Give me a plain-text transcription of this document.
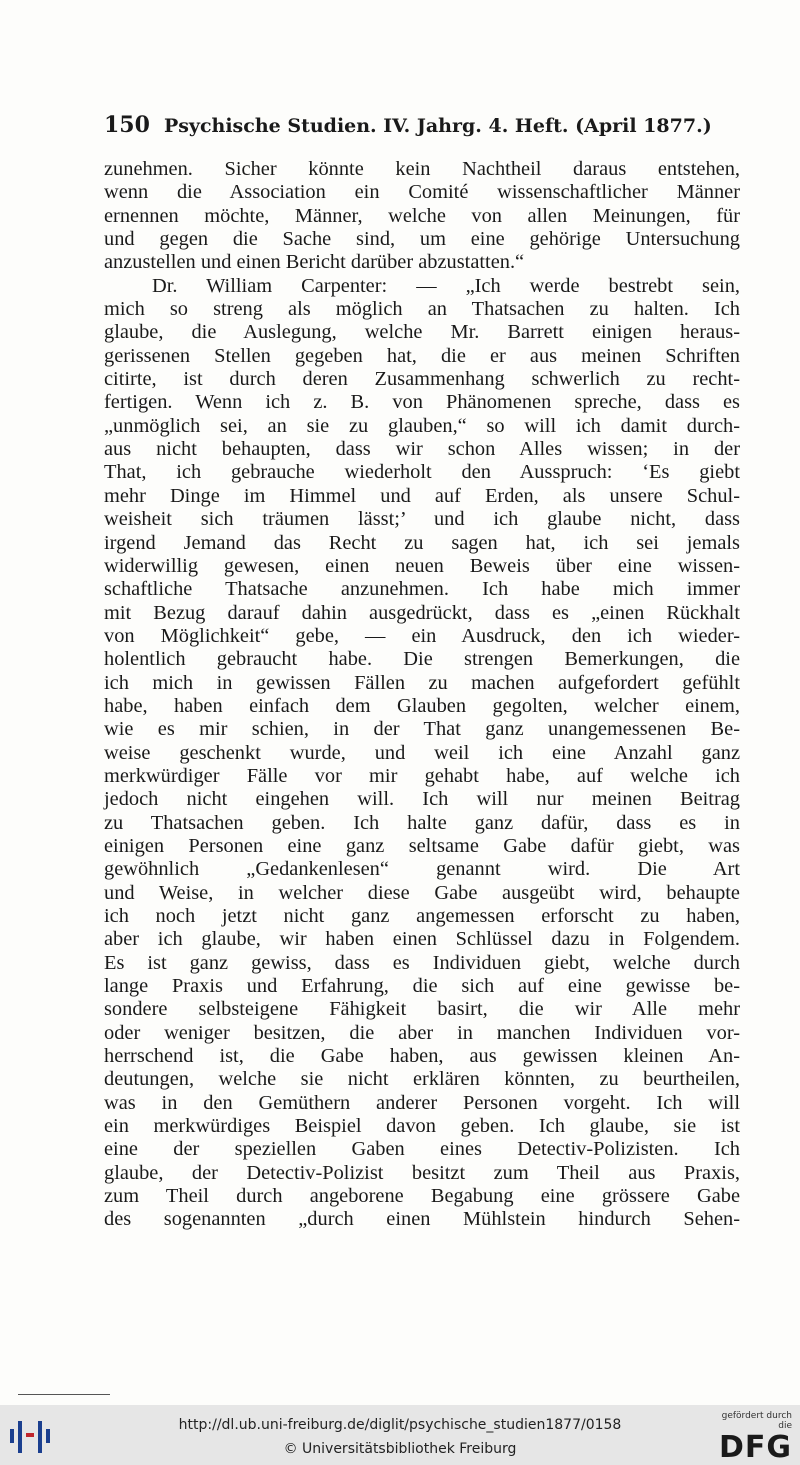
150 Psychische Studien. IV. Jahrg. 4. Heft. (April 1877.)
zunehmen. Sicher könnte kein Nachtheil daraus entstehen,
wenn die Association ein Comité wissenschaftlicher Männer
ernennen möchte, Männer, welche von allen Meinungen, für
und gegen die Sache sind, um eine gehörige Untersuchung
anzustellen und einen Bericht darüber abzustatten.“
Dr. William Carpenter: — „Ich werde bestrebt sein,
mich so streng als möglich an Thatsachen zu halten. Ich
glaube, die Auslegung, welche Mr. Barrett einigen heraus-
gerissenen Stellen gegeben hat, die er aus meinen Schriften
citirte, ist durch deren Zusammenhang schwerlich zu recht-
fertigen. Wenn ich z. B. von Phänomenen spreche, dass es
„unmöglich sei, an sie zu glauben,“ so will ich damit durch-
aus nicht behaupten, dass wir schon Alles wissen; in der
That, ich gebrauche wiederholt den Ausspruch: ‘Es giebt
mehr Dinge im Himmel und auf Erden, als unsere Schul-
weisheit sich träumen lässt;’ und ich glaube nicht, dass
irgend Jemand das Recht zu sagen hat, ich sei jemals
widerwillig gewesen, einen neuen Beweis über eine wissen-
schaftliche Thatsache anzunehmen. Ich habe mich immer
mit Bezug darauf dahin ausgedrückt, dass es „einen Rückhalt
von Möglichkeit“ gebe, — ein Ausdruck, den ich wieder-
holentlich gebraucht habe. Die strengen Bemerkungen, die
ich mich in gewissen Fällen zu machen aufgefordert gefühlt
habe, haben einfach dem Glauben gegolten, welcher einem,
wie es mir schien, in der That ganz unangemessenen Be-
weise geschenkt wurde, und weil ich eine Anzahl ganz
merkwürdiger Fälle vor mir gehabt habe, auf welche ich
jedoch nicht eingehen will. Ich will nur meinen Beitrag
zu Thatsachen geben. Ich halte ganz dafür, dass es in
einigen Personen eine ganz seltsame Gabe dafür giebt, was
gewöhnlich „Gedankenlesen“ genannt wird. Die Art
und Weise, in welcher diese Gabe ausgeübt wird, behaupte
ich noch jetzt nicht ganz angemessen erforscht zu haben,
aber ich glaube, wir haben einen Schlüssel dazu in Folgendem.
Es ist ganz gewiss, dass es Individuen giebt, welche durch
lange Praxis und Erfahrung, die sich auf eine gewisse be-
sondere selbsteigene Fähigkeit basirt, die wir Alle mehr
oder weniger besitzen, die aber in manchen Individuen vor-
herrschend ist, die Gabe haben, aus gewissen kleinen An-
deutungen, welche sie nicht erklären könnten, zu beurtheilen,
was in den Gemüthern anderer Personen vorgeht. Ich will
ein merkwürdiges Beispiel davon geben. Ich glaube, sie ist
eine der speziellen Gaben eines Detectiv-Polizisten. Ich
glaube, der Detectiv-Polizist besitzt zum Theil aus Praxis,
zum Theil durch angeborene Begabung eine grössere Gabe
des sogenannten „durch einen Mühlstein hindurch Sehen-
http://dl.ub.uni-freiburg.de/diglit/psychische_studien1877/0158
© Universitätsbibliothek Freiburg
gefördert durch die
DFG
